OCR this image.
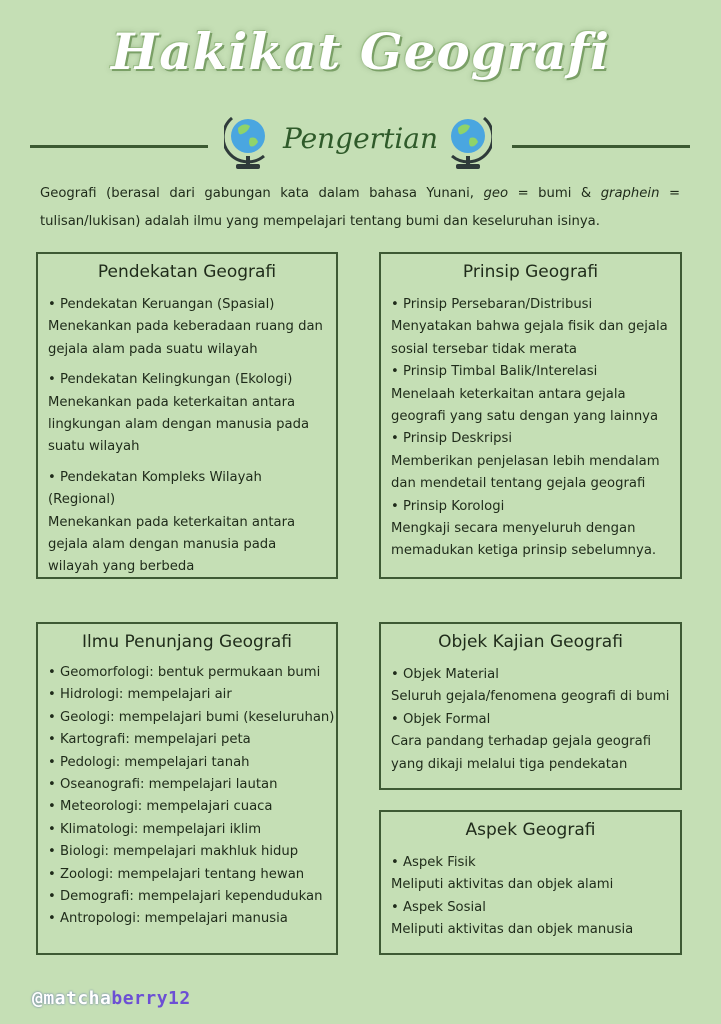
Hakikat Geografi
Pengertian
Geografi (berasal dari gabungan kata dalam bahasa Yunani, geo = bumi & graphein = tulisan/lukisan) adalah ilmu yang mempelajari tentang bumi dan keseluruhan isinya.
Pendekatan Geografi
• Pendekatan Keruangan (Spasial)
Menekankan pada keberadaan ruang dan gejala alam pada suatu wilayah
• Pendekatan Kelingkungan (Ekologi)
Menekankan pada keterkaitan antara lingkungan alam dengan manusia pada suatu wilayah
• Pendekatan Kompleks Wilayah (Regional)
Menekankan pada keterkaitan antara gejala alam dengan manusia pada wilayah yang berbeda
Prinsip Geografi
• Prinsip Persebaran/Distribusi
Menyatakan bahwa gejala fisik dan gejala sosial tersebar tidak merata
• Prinsip Timbal Balik/Interelasi
Menelaah keterkaitan antara gejala geografi yang satu dengan yang lainnya
• Prinsip Deskripsi
Memberikan penjelasan lebih mendalam dan mendetail tentang gejala geografi
• Prinsip Korologi
Mengkaji secara menyeluruh dengan memadukan ketiga prinsip sebelumnya.
Ilmu Penunjang Geografi
• Geomorfologi: bentuk permukaan bumi
• Hidrologi: mempelajari air
• Geologi: mempelajari bumi (keseluruhan)
• Kartografi: mempelajari peta
• Pedologi: mempelajari tanah
• Oseanografi: mempelajari lautan
• Meteorologi: mempelajari cuaca
• Klimatologi: mempelajari iklim
• Biologi: mempelajari makhluk hidup
• Zoologi: mempelajari tentang hewan
• Demografi: mempelajari kependudukan
• Antropologi: mempelajari manusia
Objek Kajian Geografi
• Objek Material
Seluruh gejala/fenomena geografi di bumi
• Objek Formal
Cara pandang terhadap gejala geografi yang dikaji melalui tiga pendekatan
Aspek Geografi
• Aspek Fisik
Meliputi aktivitas dan objek alami
• Aspek Sosial
Meliputi aktivitas dan objek manusia
@matchaberry12
